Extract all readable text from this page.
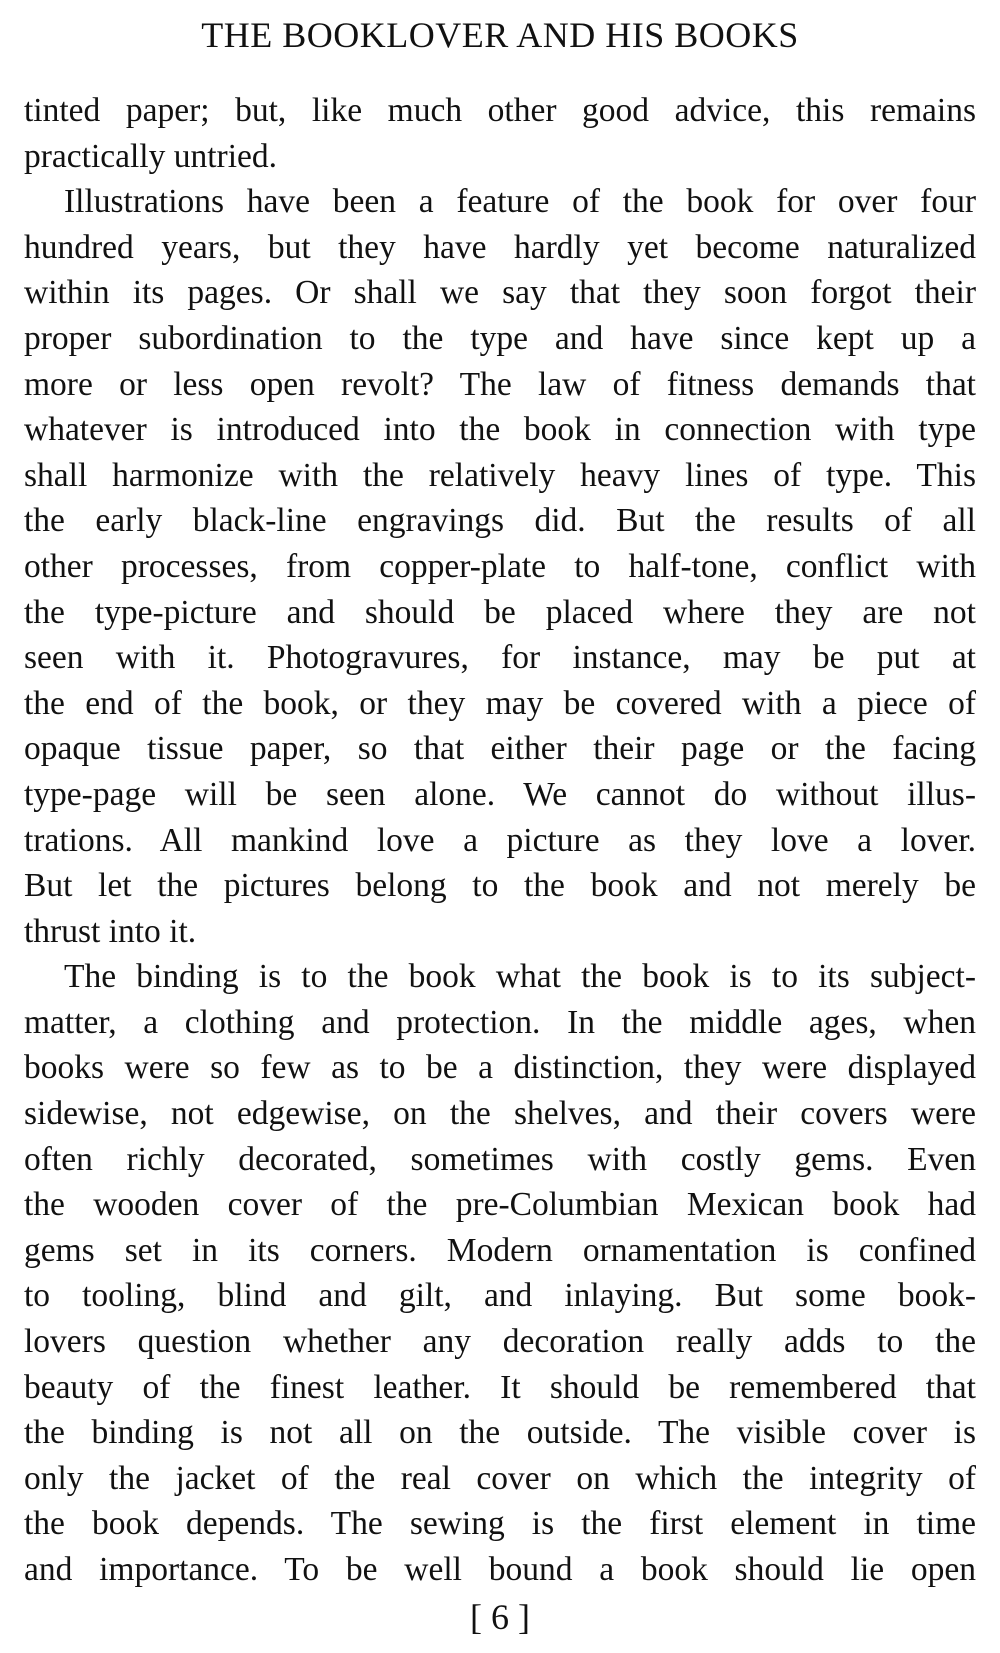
THE BOOKLOVER AND HIS BOOKS
tinted paper; but, like much other good advice, this remains
practically untried.
Illustrations have been a feature of the book for over four
hundred years, but they have hardly yet become naturalized
within its pages. Or shall we say that they soon forgot their
proper subordination to the type and have since kept up a
more or less open revolt? The law of fitness demands that
whatever is introduced into the book in connection with type
shall harmonize with the relatively heavy lines of type. This
the early black-line engravings did. But the results of all
other processes, from copper-plate to half-tone, conflict with
the type-picture and should be placed where they are not
seen with it. Photogravures, for instance, may be put at
the end of the book, or they may be covered with a piece of
opaque tissue paper, so that either their page or the facing
type-page will be seen alone. We cannot do without illus-
trations. All mankind love a picture as they love a lover.
But let the pictures belong to the book and not merely be
thrust into it.
The binding is to the book what the book is to its subject-
matter, a clothing and protection. In the middle ages, when
books were so few as to be a distinction, they were displayed
sidewise, not edgewise, on the shelves, and their covers were
often richly decorated, sometimes with costly gems. Even
the wooden cover of the pre-Columbian Mexican book had
gems set in its corners. Modern ornamentation is confined
to tooling, blind and gilt, and inlaying. But some book-
lovers question whether any decoration really adds to the
beauty of the finest leather. It should be remembered that
the binding is not all on the outside. The visible cover is
only the jacket of the real cover on which the integrity of
the book depends. The sewing is the first element in time
and importance. To be well bound a book should lie open
[ 6 ]
